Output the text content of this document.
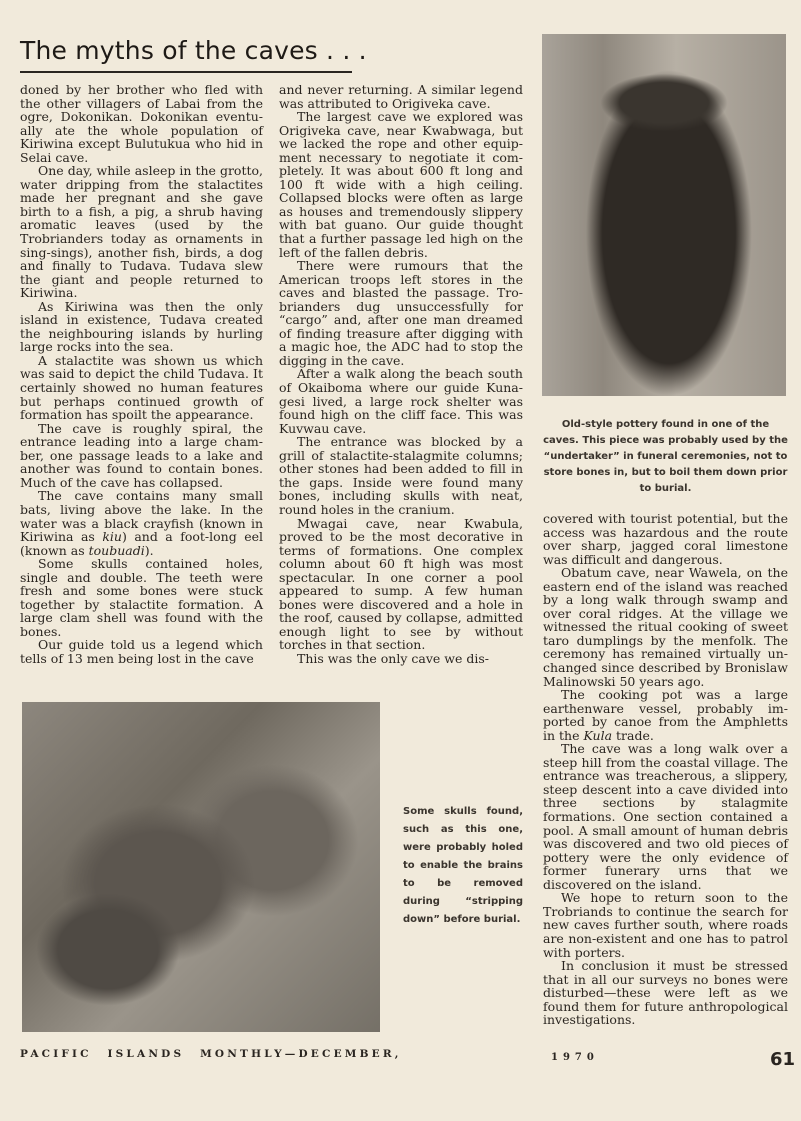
The myths of the caves . . .

doned by her brother who fled with the other villagers of Labai from the ogre, Dokonikan. Dokonikan eventually ate the whole population of Kiriwina except Bulutukua who hid in Selai cave.

One day, while asleep in the grotto, water dripping from the stalactites made her pregnant and she gave birth to a fish, a pig, a shrub having aromatic leaves (used by the Trobrianders today as ornaments in sing-sings), another fish, birds, a dog and finally to Tudava. Tudava slew the giant and people returned to Kiriwina.

As Kiriwina was then the only island in existence, Tudava created the neighbouring islands by hurling large rocks into the sea.

A stalactite was shown us which was said to depict the child Tudava. It certainly showed no human features but perhaps continued growth of formation has spoilt the appearance.

The cave is roughly spiral, the entrance leading into a large chamber, one passage leads to a lake and another was found to contain bones. Much of the cave has collapsed.

The cave contains many small bats, living above the lake. In the water was a black crayfish (known in Kiriwina as kiu) and a foot-long eel (known as toubuadi).

Some skulls contained holes, single and double. The teeth were fresh and some bones were stuck together by stalactite formation. A large clam shell was found with the bones.

Our guide told us a legend which tells of 13 men being lost in the cave

and never returning. A similar legend was attributed to Origiveka cave.

The largest cave we explored was Origiveka cave, near Kwabwaga, but we lacked the rope and other equipment necessary to negotiate it completely. It was about 600 ft long and 100 ft wide with a high ceiling. Collapsed blocks were often as large as houses and tremendously slippery with bat guano. Our guide thought that a further passage led high on the left of the fallen debris.

There were rumours that the American troops left stores in the caves and blasted the passage. Trobrianders dug unsuccessfully for “cargo” and, after one man dreamed of finding treasure after digging with a magic hoe, the ADC had to stop the digging in the cave.

After a walk along the beach south of Okaiboma where our guide Kunagesi lived, a large rock shelter was found high on the cliff face. This was Kuvwau cave.

The entrance was blocked by a grill of stalactite-stalagmite columns; other stones had been added to fill in the gaps. Inside were found many bones, including skulls with neat, round holes in the cranium.

Mwagai cave, near Kwabula, proved to be the most decorative in terms of formations. One complex column about 60 ft high was most spectacular. In one corner a pool appeared to sump. A few human bones were discovered and a hole in the roof, caused by collapse, admitted enough light to see by without torches in that section.

This was the only cave we dis-

Old-style pottery found in one of the caves. This piece was probably used by the “undertaker” in funeral ceremonies, not to store bones in, but to boil them down prior to burial.

covered with tourist potential, but the access was hazardous and the route over sharp, jagged coral limestone was difficult and dangerous.

Obatum cave, near Wawela, on the eastern end of the island was reached by a long walk through swamp and over coral ridges. At the village we witnessed the ritual cooking of sweet taro dumplings by the menfolk. The ceremony has remained virtually unchanged since described by Bronislaw Malinowski 50 years ago.

The cooking pot was a large earthenware vessel, probably imported by canoe from the Amphletts in the Kula trade.

The cave was a long walk over a steep hill from the coastal village. The entrance was treacherous, a slippery, steep descent into a cave divided into three sections by stalagmite formations. One section contained a pool. A small amount of human debris was discovered and two old pieces of pottery were the only evidence of former funerary urns that we discovered on the island.

We hope to return soon to the Trobriands to continue the search for new caves further south, where roads are non-existent and one has to patrol with porters.

In conclusion it must be stressed that in all our surveys no bones were disturbed—these were left as we found them for future anthropological investigations.

Some skulls found, such as this one, were probably holed to enable the brains to be removed during “stripping down” before burial.
PACIFIC ISLANDS MONTHLY—DECEMBER,	1970	61
